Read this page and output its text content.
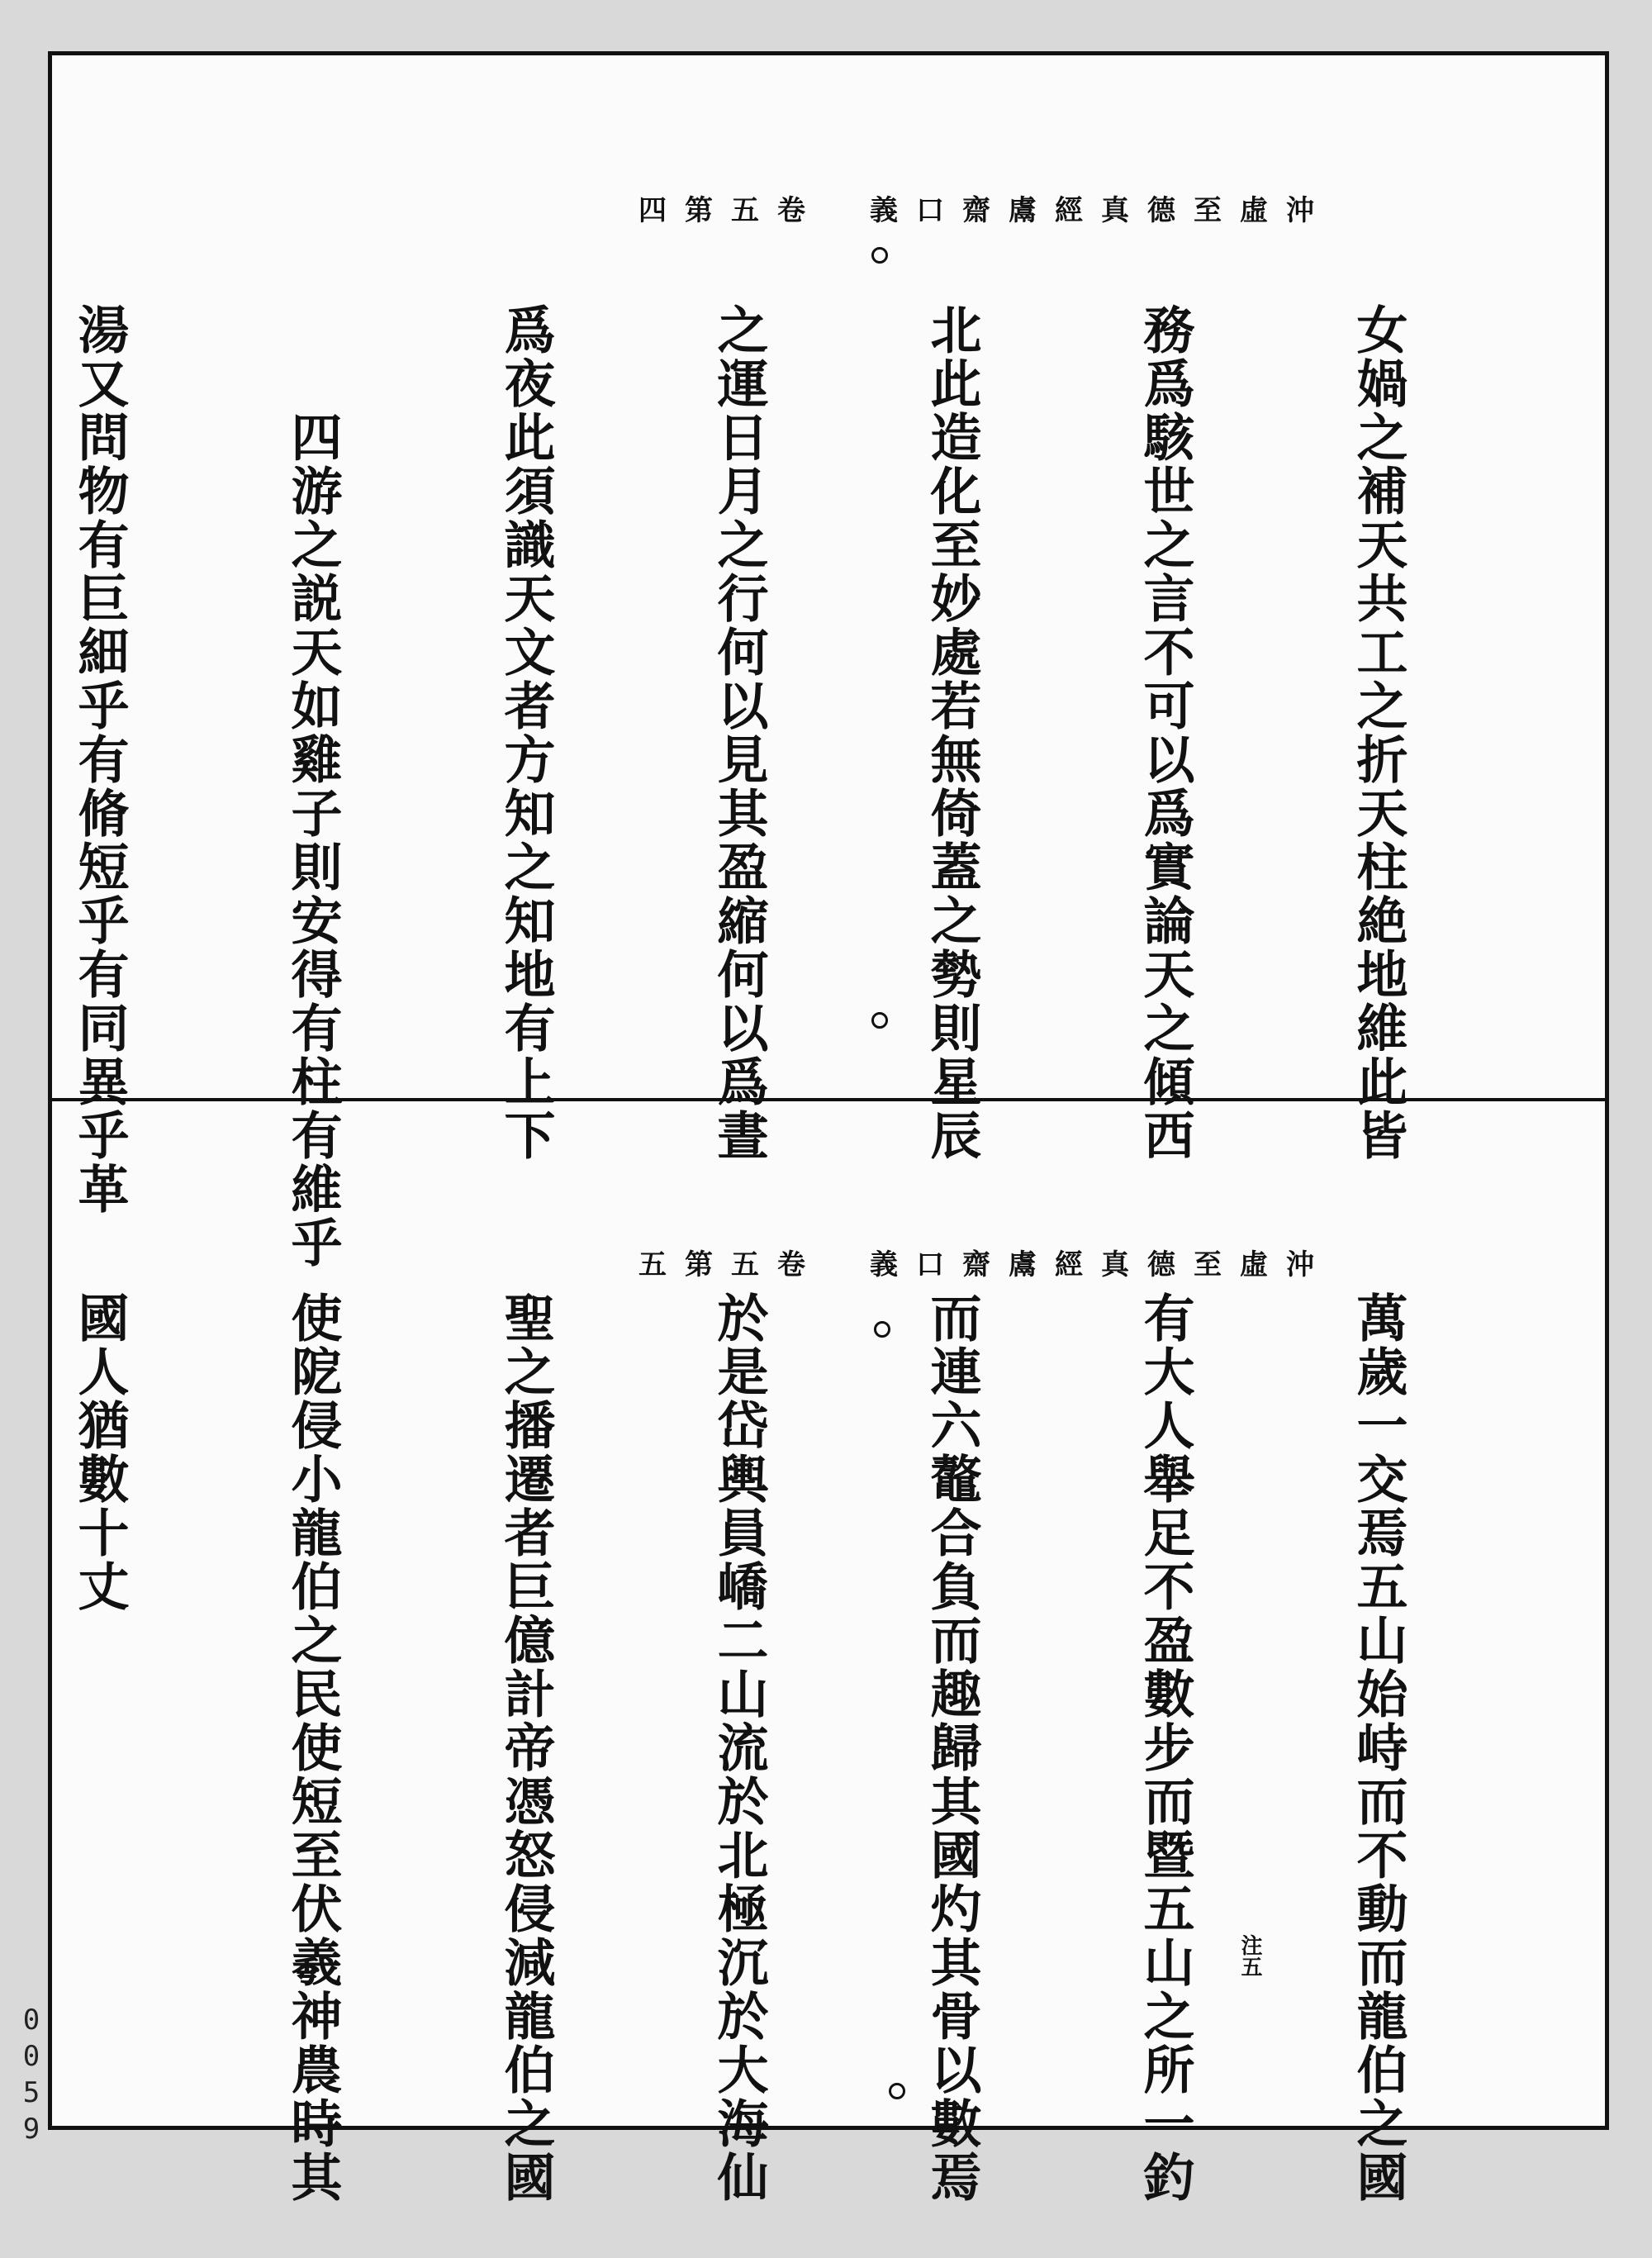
沖虛至德真經鬳齋口義　卷五第四

女媧之補天共工之折天柱絶地維此皆

務爲駭世之言不可以爲實論天之傾西

北此造化至妙處若無倚蓋之勢則星辰

之運日月之行何以見其盈縮何以爲晝

爲夜此須識天文者方知之知地有上下

　　四游之説天如雞子則安得有柱有維乎

湯又問物有巨細乎有脩短乎有同異乎革

沖虛至德真經鬳齋口義　卷五第五

萬歲一交焉五山始峙而不動而龍伯之國

有大人舉足不盈數步而暨五山之所一釣

而連六鼇合負而趣歸其國灼其骨以數焉

於是岱輿員嶠二山流於北極沉於大海仙

聖之播遷者巨億計帝憑怒侵減龍伯之國

使阸侵小龍伯之民使短至伏羲神農時其

國人猶數十丈

注五
0059
